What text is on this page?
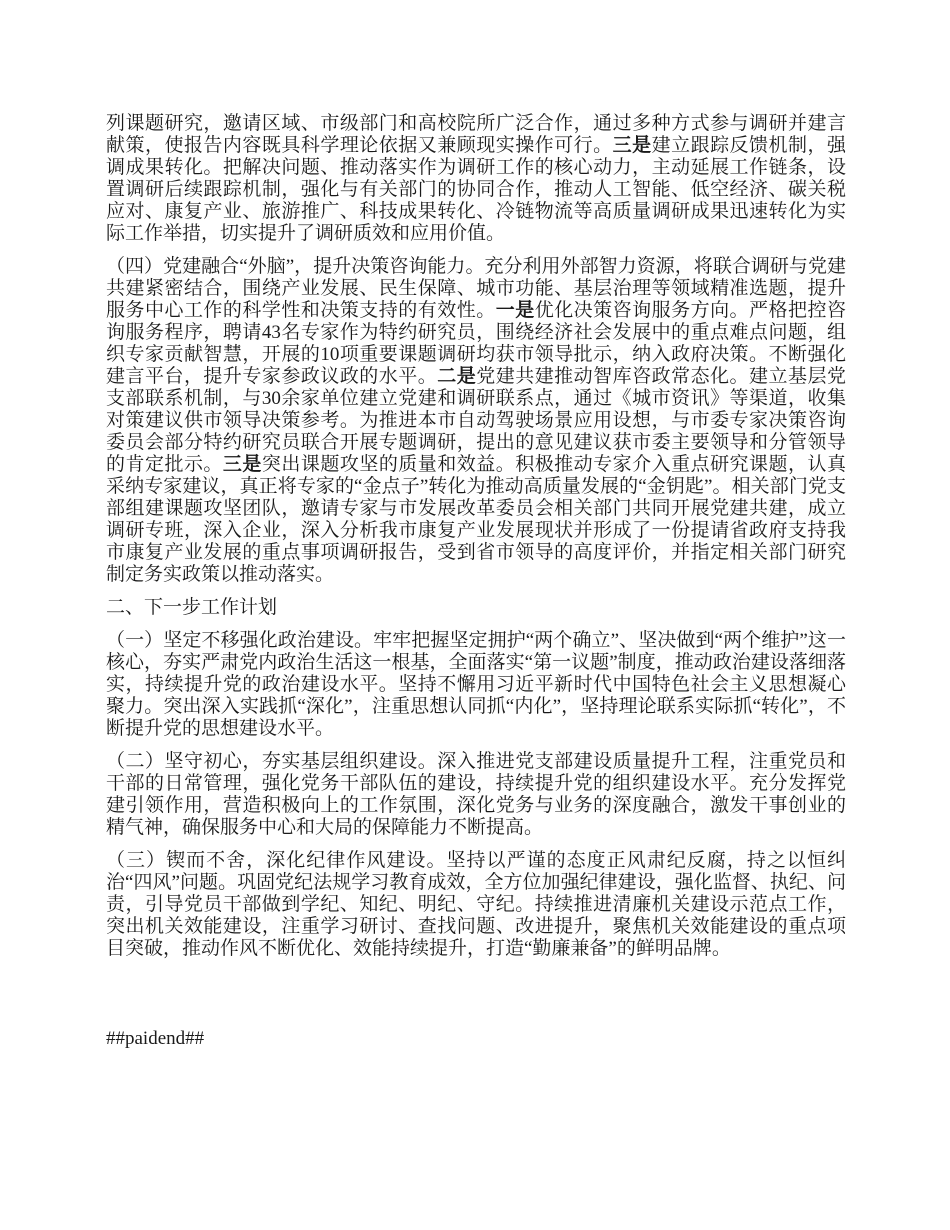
列课题研究，邀请区域、市级部门和高校院所广泛合作，通过多种方式参与调研并建言献策，使报告内容既具科学理论依据又兼顾现实操作可行。三是建立跟踪反馈机制，强调成果转化。把解决问题、推动落实作为调研工作的核心动力，主动延展工作链条，设置调研后续跟踪机制，强化与有关部门的协同合作，推动人工智能、低空经济、碳关税应对、康复产业、旅游推广、科技成果转化、冷链物流等高质量调研成果迅速转化为实际工作举措，切实提升了调研质效和应用价值。

（四）党建融合“外脑”，提升决策咨询能力。充分利用外部智力资源，将联合调研与党建共建紧密结合，围绕产业发展、民生保障、城市功能、基层治理等领域精准选题，提升服务中心工作的科学性和决策支持的有效性。一是优化决策咨询服务方向。严格把控咨询服务程序，聘请43名专家作为特约研究员，围绕经济社会发展中的重点难点问题，组织专家贡献智慧，开展的10项重要课题调研均获市领导批示，纳入政府决策。不断强化建言平台，提升专家参政议政的水平。二是党建共建推动智库咨政常态化。建立基层党支部联系机制，与30余家单位建立党建和调研联系点，通过《城市资讯》等渠道，收集对策建议供市领导决策参考。为推进本市自动驾驶场景应用设想，与市委专家决策咨询委员会部分特约研究员联合开展专题调研，提出的意见建议获市委主要领导和分管领导的肯定批示。三是突出课题攻坚的质量和效益。积极推动专家介入重点研究课题，认真采纳专家建议，真正将专家的“金点子”转化为推动高质量发展的“金钥匙”。相关部门党支部组建课题攻坚团队，邀请专家与市发展改革委员会相关部门共同开展党建共建，成立调研专班，深入企业，深入分析我市康复产业发展现状并形成了一份提请省政府支持我市康复产业发展的重点事项调研报告，受到省市领导的高度评价，并指定相关部门研究制定务实政策以推动落实。

二、下一步工作计划

（一）坚定不移强化政治建设。牢牢把握坚定拥护“两个确立”、坚决做到“两个维护”这一核心，夯实严肃党内政治生活这一根基，全面落实“第一议题”制度，推动政治建设落细落实，持续提升党的政治建设水平。坚持不懈用习近平新时代中国特色社会主义思想凝心聚力。突出深入实践抓“深化”，注重思想认同抓“内化”，坚持理论联系实际抓“转化”，不断提升党的思想建设水平。

（二）坚守初心，夯实基层组织建设。深入推进党支部建设质量提升工程，注重党员和干部的日常管理，强化党务干部队伍的建设，持续提升党的组织建设水平。充分发挥党建引领作用，营造积极向上的工作氛围，深化党务与业务的深度融合，激发干事创业的精气神，确保服务中心和大局的保障能力不断提高。

（三）锲而不舍，深化纪律作风建设。坚持以严谨的态度正风肃纪反腐，持之以恒纠治“四风”问题。巩固党纪法规学习教育成效，全方位加强纪律建设，强化监督、执纪、问责，引导党员干部做到学纪、知纪、明纪、守纪。持续推进清廉机关建设示范点工作，突出机关效能建设，注重学习研讨、查找问题、改进提升，聚焦机关效能建设的重点项目突破，推动作风不断优化、效能持续提升，打造“勤廉兼备”的鲜明品牌。

##paidend##
